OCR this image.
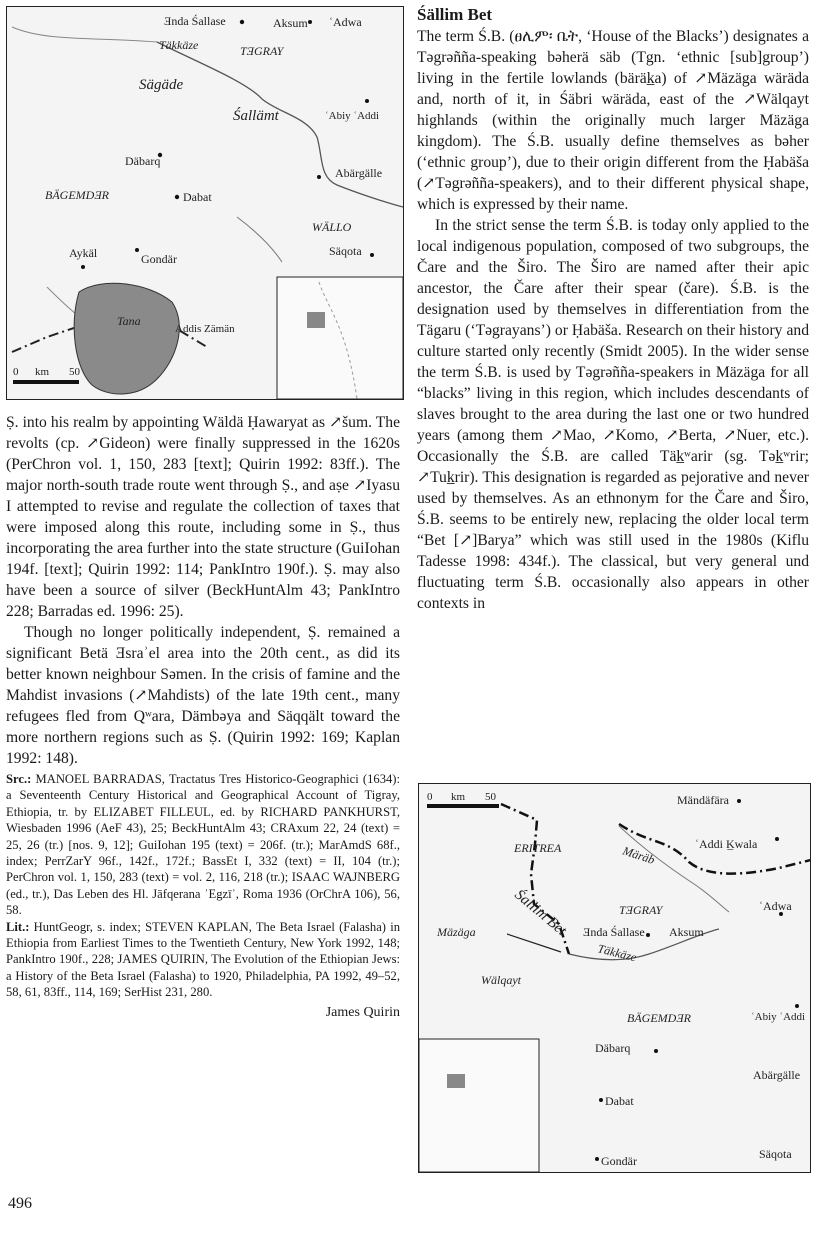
Ǝnda Śallase	Aksum ʿAdwa
Täkkäze	TƎGRAY
Sägäde
Śallämt	ʿAbiy ʿAddi
Däbarq
Abärgälle
BÄGEMDƎR	Dabat
WÄLLO
Aykäl	Gondär
Säqota
Tana
Addis Zämän
0 km 50

Ṣ. into his realm by appointing Wäldä Ḥawaryat as ↗šum. The revolts (cp. ↗Gideon) were finally suppressed in the 1620s (PerChron vol. 1, 150, 283 [text]; Quirin 1992: 83ff.). The major north-south trade route went through Ṣ., and aṣe ↗Iyasu I attempted to revise and regulate the collection of taxes that were imposed along this route, including some in Ṣ., thus incorporating the area further into the state structure (GuiIohan 194f. [text]; Quirin 1992: 114; PankIntro 190f.). Ṣ. may also have been a source of silver (BeckHuntAlm 43; PankIntro 228; Barradas ed. 1996: 25).

Though no longer politically independent, Ṣ. remained a significant Betä Ǝsraʾel area into the 20th cent., as did its better known neighbour Səmen. In the crisis of famine and the Mahdist invasions (↗Mahdists) of the late 19th cent., many refugees fled from Qʷara, Dämbəya and Säqqält toward the more northern regions such as Ṣ. (Quirin 1992: 169; Kaplan 1992: 148).

Src.: MANOEL BARRADAS, Tractatus Tres Historico-Geographici (1634): a Seventeenth Century Historical and Geographical Account of Tigray, Ethiopia, tr. by ELIZABET FILLEUL, ed. by RICHARD PANKHURST, Wiesbaden 1996 (AeF 43), 25; BeckHuntAlm 43; CRAxum 22, 24 (text) = 25, 26 (tr.) [nos. 9, 12]; GuiIohan 195 (text) = 206f. (tr.); MarAmdS 68f., index; PerrZarY 96f., 142f., 172f.; BassEt I, 332 (text) = II, 104 (tr.); PerChron vol. 1, 150, 283 (text) = vol. 2, 116, 218 (tr.); ISAAC WAJNBERG (ed., tr.), Das Leben des Hl. Jāfqerana ʾEgzīʾ, Roma 1936 (OrChrA 106), 56, 58.

Lit.: HuntGeogr, s. index; STEVEN KAPLAN, The Beta Israel (Falasha) in Ethiopia from Earliest Times to the Twentieth Century, New York 1992, 148; PankIntro 190f., 228; JAMES QUIRIN, The Evolution of the Ethiopian Jews: a History of the Beta Israel (Falasha) to 1920, Philadelphia, PA 1992, 49–52, 58, 61, 83ff., 114, 169; SerHist 231, 280.

James Quirin

Śällim Bet

The term Ś.B. (ፀሊም፡ ቤት, ‘House of the Blacks’) designates a Təgrəñña-speaking bəherä säb (Tgn. ‘ethnic [sub]group’) living in the fertile lowlands (bäräk̲a) of ↗Mäzäga wäräda and, north of it, in Śäbri wäräda, east of the ↗Wälqayt highlands (within the originally much larger Mäzäga kingdom). The Ś.B. usually define themselves as bəher (‘ethnic group’), due to their origin different from the Ḥabäša (↗Təgrəñña-speakers), and to their different physical shape, which is expressed by their name.

In the strict sense the term Ś.B. is today only applied to the local indigenous population, composed of two subgroups, the Čare and the Širo. The Širo are named after their apic ancestor, the Čare after their spear (čare). Ś.B. is the designation used by themselves in differentiation from the Tägaru (‘Təgrayans’) or Ḥabäša. Research on their history and culture started only recently (Smidt 2005). In the wider sense the term Ś.B. is used by Təgrəñña-speakers in Mäzäga for all “blacks” living in this region, which includes descendants of slaves brought to the area during the last one or two hundred years (among them ↗Mao, ↗Komo, ↗Berta, ↗Nuer, etc.). Occasionally the Ś.B. are called Täk̲ʷarir (sg. Tək̲ʷrir; ↗Tuk̲rir). This designation is regarded as pejorative and never used by themselves. As an ethnonym for the Čare and Širo, Ś.B. seems to be entirely new, replacing the older local term “Bet [↗]Barya” which was still used in the 1980s (Kiflu Tadesse 1998: 434f.). The classical, but very general und fluctuating term Ś.B. occasionally also appears in other contexts in

Mändäfära
ERITREA	Märäb	ʿAddi K̲wala
ʿAdwa
TƎGRAY
Ǝnda Śallase Aksum
Mäzäga
Täkkäze
Śallim Bet
Wälqayt
BÄGEMDƎR	ʿAbiy ʿAddi
Däbarq
Abärgälle
Dabat
Gondär	Säqota
0 km 50
496
